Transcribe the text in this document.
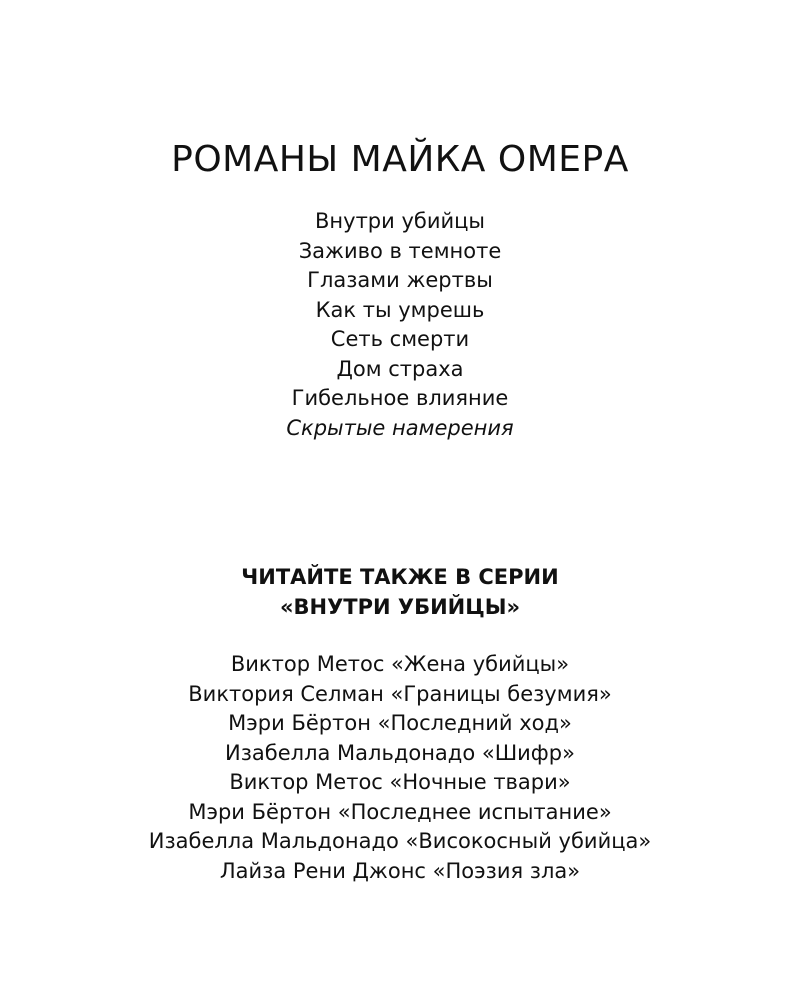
РОМАНЫ МАЙКА ОМЕРА
Внутри убийцы
Заживо в темноте
Глазами жертвы
Как ты умрешь
Сеть смерти
Дом страха
Гибельное влияние
Скрытые намерения
ЧИТАЙТЕ ТАКЖЕ В СЕРИИ
«ВНУТРИ УБИЙЦЫ»
Виктор Метос «Жена убийцы»
Виктория Селман «Границы безумия»
Мэри Бёртон «Последний ход»
Изабелла Мальдонадо «Шифр»
Виктор Метос «Ночные твари»
Мэри Бёртон «Последнее испытание»
Изабелла Мальдонадо «Високосный убийца»
Лайза Рени Джонс «Поэзия зла»
